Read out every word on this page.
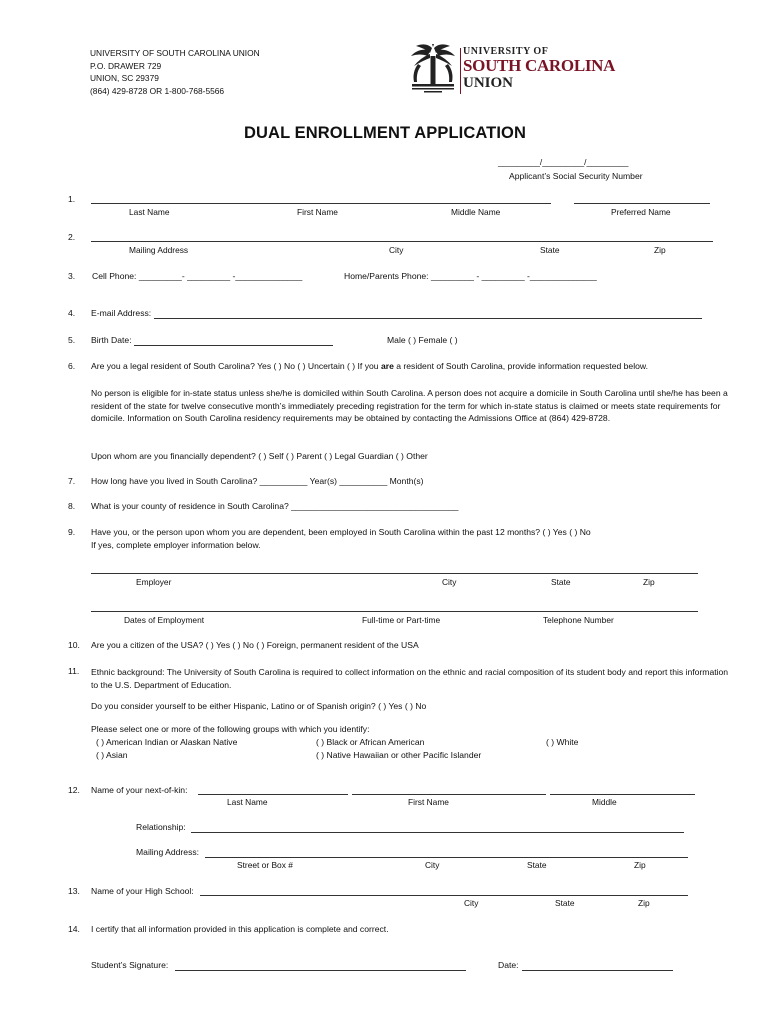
UNIVERSITY OF SOUTH CAROLINA UNION
P.O. DRAWER 729
UNION, SC 29379
(864) 429-8728 OR 1-800-768-5566
UNIVERSITY OF
SOUTH CAROLINA
UNION
DUAL ENROLLMENT APPLICATION
_________/_________/_________
Applicant’s Social Security Number
1.
Last Name	First Name	Middle Name	Preferred Name
2.
Mailing Address	City	State	Zip
3. Cell Phone: _________- _________ -______________	Home/Parents Phone: _________ - _________ -______________
4. E-mail Address:
5. Birth Date:	Male ( ) Female ( )
6. Are you a legal resident of South Carolina? Yes ( ) No ( ) Uncertain ( ) If you are a resident of South Carolina, provide information requested below.
No person is eligible for in-state status unless she/he is domiciled within South Carolina. A person does not acquire a domicile in South Carolina until she/he has been a resident of the state for twelve consecutive month’s immediately preceding registration for the term for which in-state status is claimed or meets state requirements for domicile. Information on South Carolina residency requirements may be obtained by contacting the Admissions Office at (864) 429-8728.
Upon whom are you financially dependent? ( ) Self ( ) Parent ( ) Legal Guardian ( ) Other
7. How long have you lived in South Carolina? __________ Year(s) __________ Month(s)
8. What is your county of residence in South Carolina? ___________________________________
9. Have you, or the person upon whom you are dependent, been employed in South Carolina within the past 12 months? ( ) Yes ( ) No
If yes, complete employer information below.
Employer	City	State	Zip
Dates of Employment	Full-time or Part-time	Telephone Number
10. Are you a citizen of the USA? ( ) Yes ( ) No ( ) Foreign, permanent resident of the USA
11. Ethnic background: The University of South Carolina is required to collect information on the ethnic and racial composition of its student body and report this information to the U.S. Department of Education.
Do you consider yourself to be either Hispanic, Latino or of Spanish origin? ( ) Yes ( ) No
Please select one or more of the following groups with which you identify:
( ) American Indian or Alaskan Native	( ) Black or African American	( ) White
( ) Asian	( ) Native Hawaiian or other Pacific Islander
12. Name of your next-of-kin:
Last Name	First Name	Middle
Relationship:
Mailing Address:
Street or Box #	City	State	Zip
13. Name of your High School:
City	State	Zip
14. I certify that all information provided in this application is complete and correct.
Student’s Signature:	Date:
